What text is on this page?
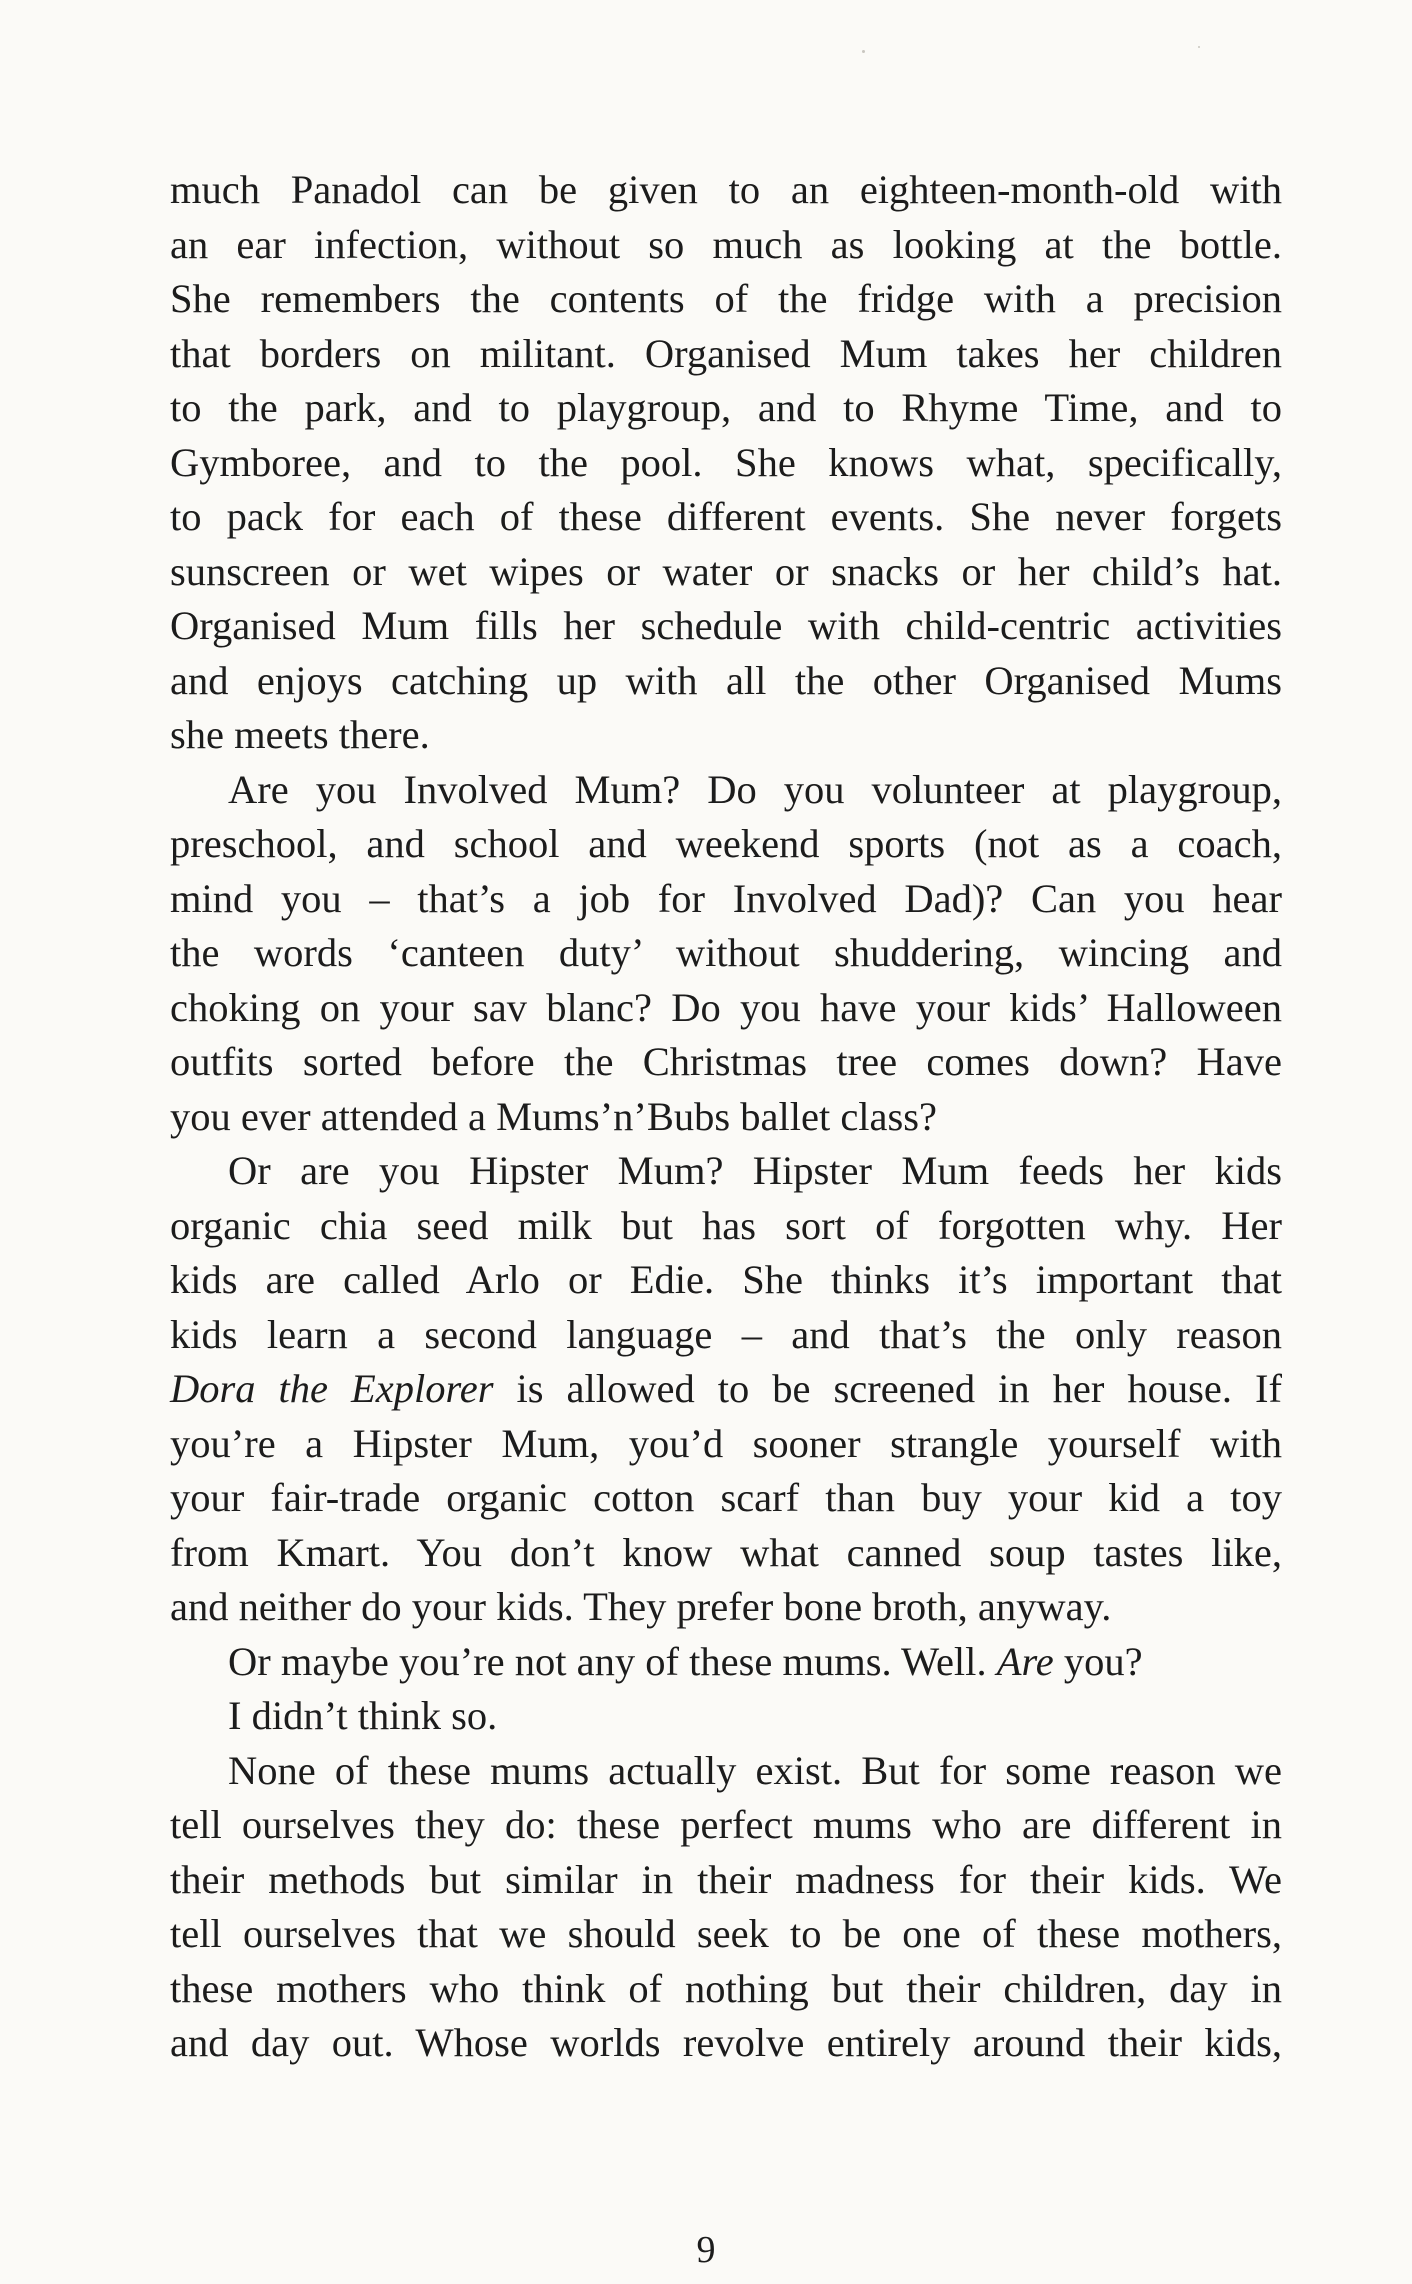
much Panadol can be given to an eighteen-month-old with
an ear infection, without so much as looking at the bottle.
She remembers the contents of the fridge with a precision
that borders on militant. Organised Mum takes her children
to the park, and to playgroup, and to Rhyme Time, and to
Gymboree, and to the pool. She knows what, specifically,
to pack for each of these different events. She never forgets
sunscreen or wet wipes or water or snacks or her child’s hat.
Organised Mum fills her schedule with child-centric activities
and enjoys catching up with all the other Organised Mums
she meets there.
Are you Involved Mum? Do you volunteer at playgroup,
preschool, and school and weekend sports (not as a coach,
mind you – that’s a job for Involved Dad)? Can you hear
the words ‘canteen duty’ without shuddering, wincing and
choking on your sav blanc? Do you have your kids’ Halloween
outfits sorted before the Christmas tree comes down? Have
you ever attended a Mums’n’Bubs ballet class?
Or are you Hipster Mum? Hipster Mum feeds her kids
organic chia seed milk but has sort of forgotten why. Her
kids are called Arlo or Edie. She thinks it’s important that
kids learn a second language – and that’s the only reason
Dora the Explorer is allowed to be screened in her house. If
you’re a Hipster Mum, you’d sooner strangle yourself with
your fair-trade organic cotton scarf than buy your kid a toy
from Kmart. You don’t know what canned soup tastes like,
and neither do your kids. They prefer bone broth, anyway.
Or maybe you’re not any of these mums. Well. Are you?
I didn’t think so.
None of these mums actually exist. But for some reason we
tell ourselves they do: these perfect mums who are different in
their methods but similar in their madness for their kids. We
tell ourselves that we should seek to be one of these mothers,
these mothers who think of nothing but their children, day in
and day out. Whose worlds revolve entirely around their kids,
9
